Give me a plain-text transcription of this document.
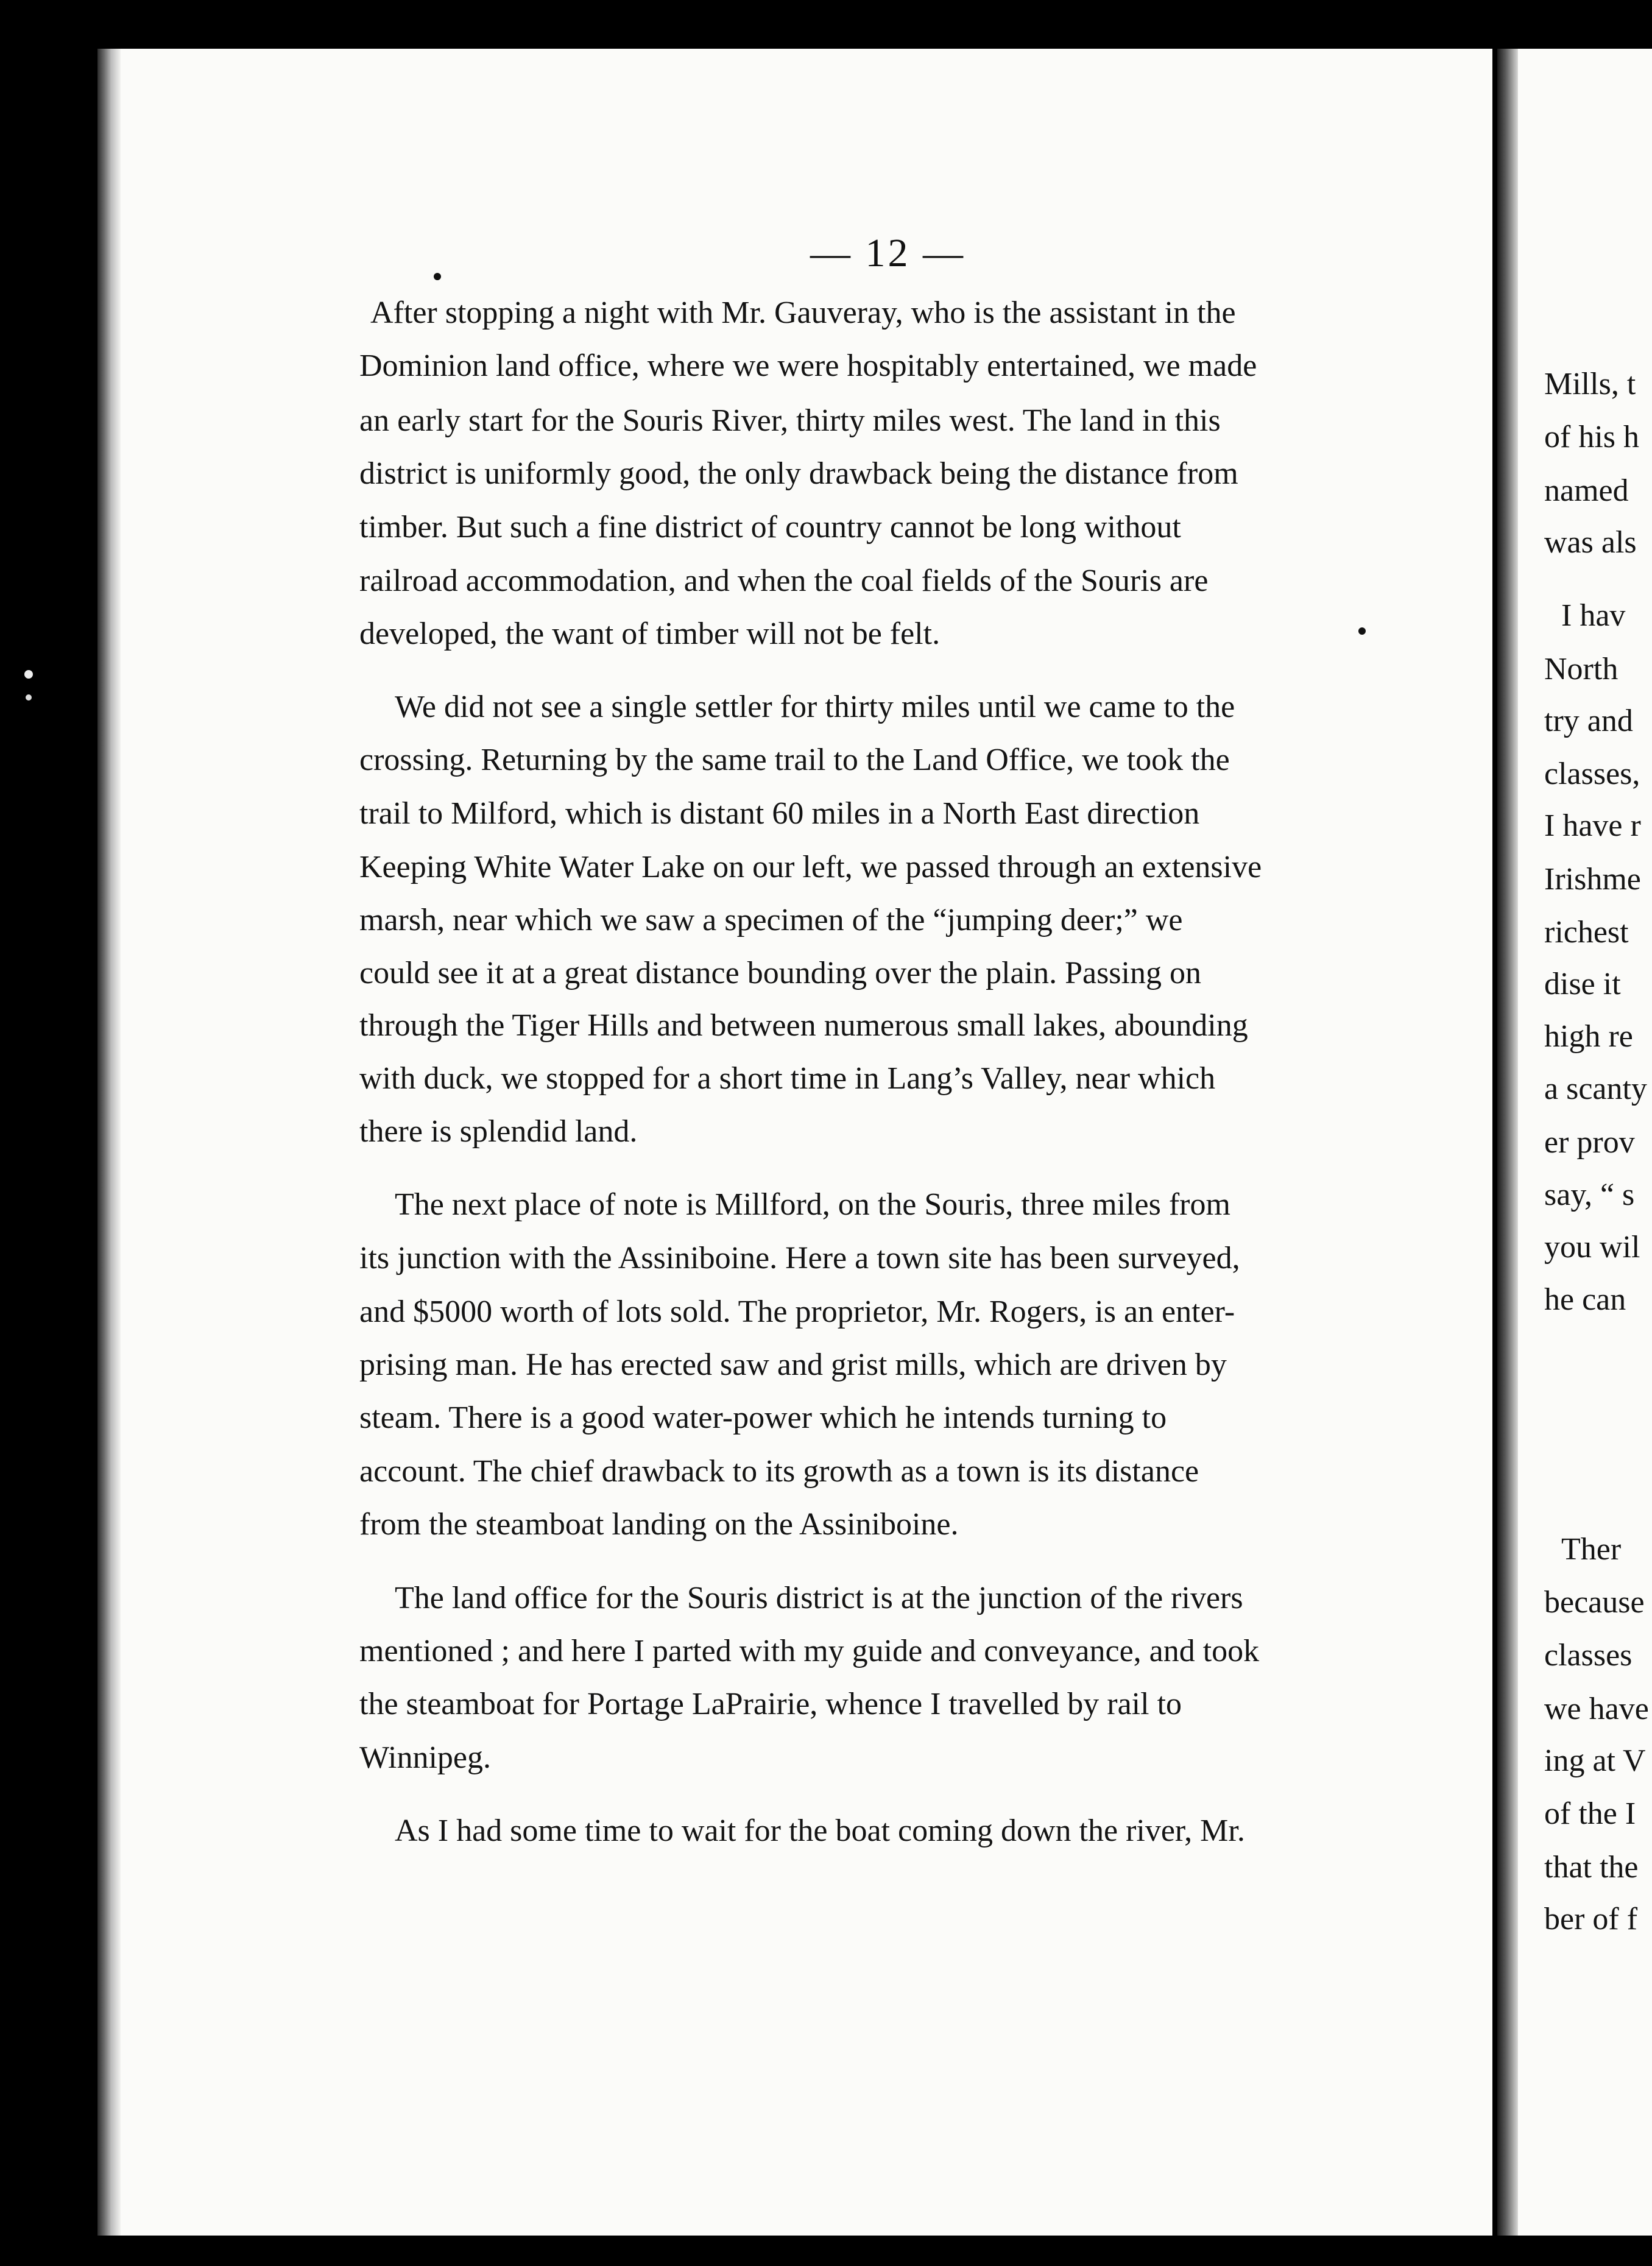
Mills, t
of his h
named
was als
I hav
North
try and
classes,
I have r
Irishme
richest
dise it
high re
a scanty
er prov
say, “ s
you wil
he can
Ther
because
classes
we have
ing at V
of the I
that the
ber of f
— 12 —
After stopping a night with Mr. Gauveray, who is the assistant in the
Dominion land office, where we were hospitably entertained, we made
an early start for the Souris River, thirty miles west. The land in this
district is uniformly good, the only drawback being the distance from
timber. But such a fine district of country cannot be long without
railroad accommodation, and when the coal fields of the Souris are
developed, the want of timber will not be felt.
We did not see a single settler for thirty miles until we came to the
crossing. Returning by the same trail to the Land Office, we took the
trail to Milford, which is distant 60 miles in a North East direction
Keeping White Water Lake on our left, we passed through an extensive
marsh, near which we saw a specimen of the “jumping deer;” we
could see it at a great distance bounding over the plain. Passing on
through the Tiger Hills and between numerous small lakes, abounding
with duck, we stopped for a short time in Lang’s Valley, near which
there is splendid land.
The next place of note is Millford, on the Souris, three miles from
its junction with the Assiniboine. Here a town site has been surveyed,
and $5000 worth of lots sold. The proprietor, Mr. Rogers, is an enter-
prising man. He has erected saw and grist mills, which are driven by
steam. There is a good water-power which he intends turning to
account. The chief drawback to its growth as a town is its distance
from the steamboat landing on the Assiniboine.
The land office for the Souris district is at the junction of the rivers
mentioned ; and here I parted with my guide and conveyance, and took
the steamboat for Portage LaPrairie, whence I travelled by rail to
Winnipeg.
As I had some time to wait for the boat coming down the river, Mr.
